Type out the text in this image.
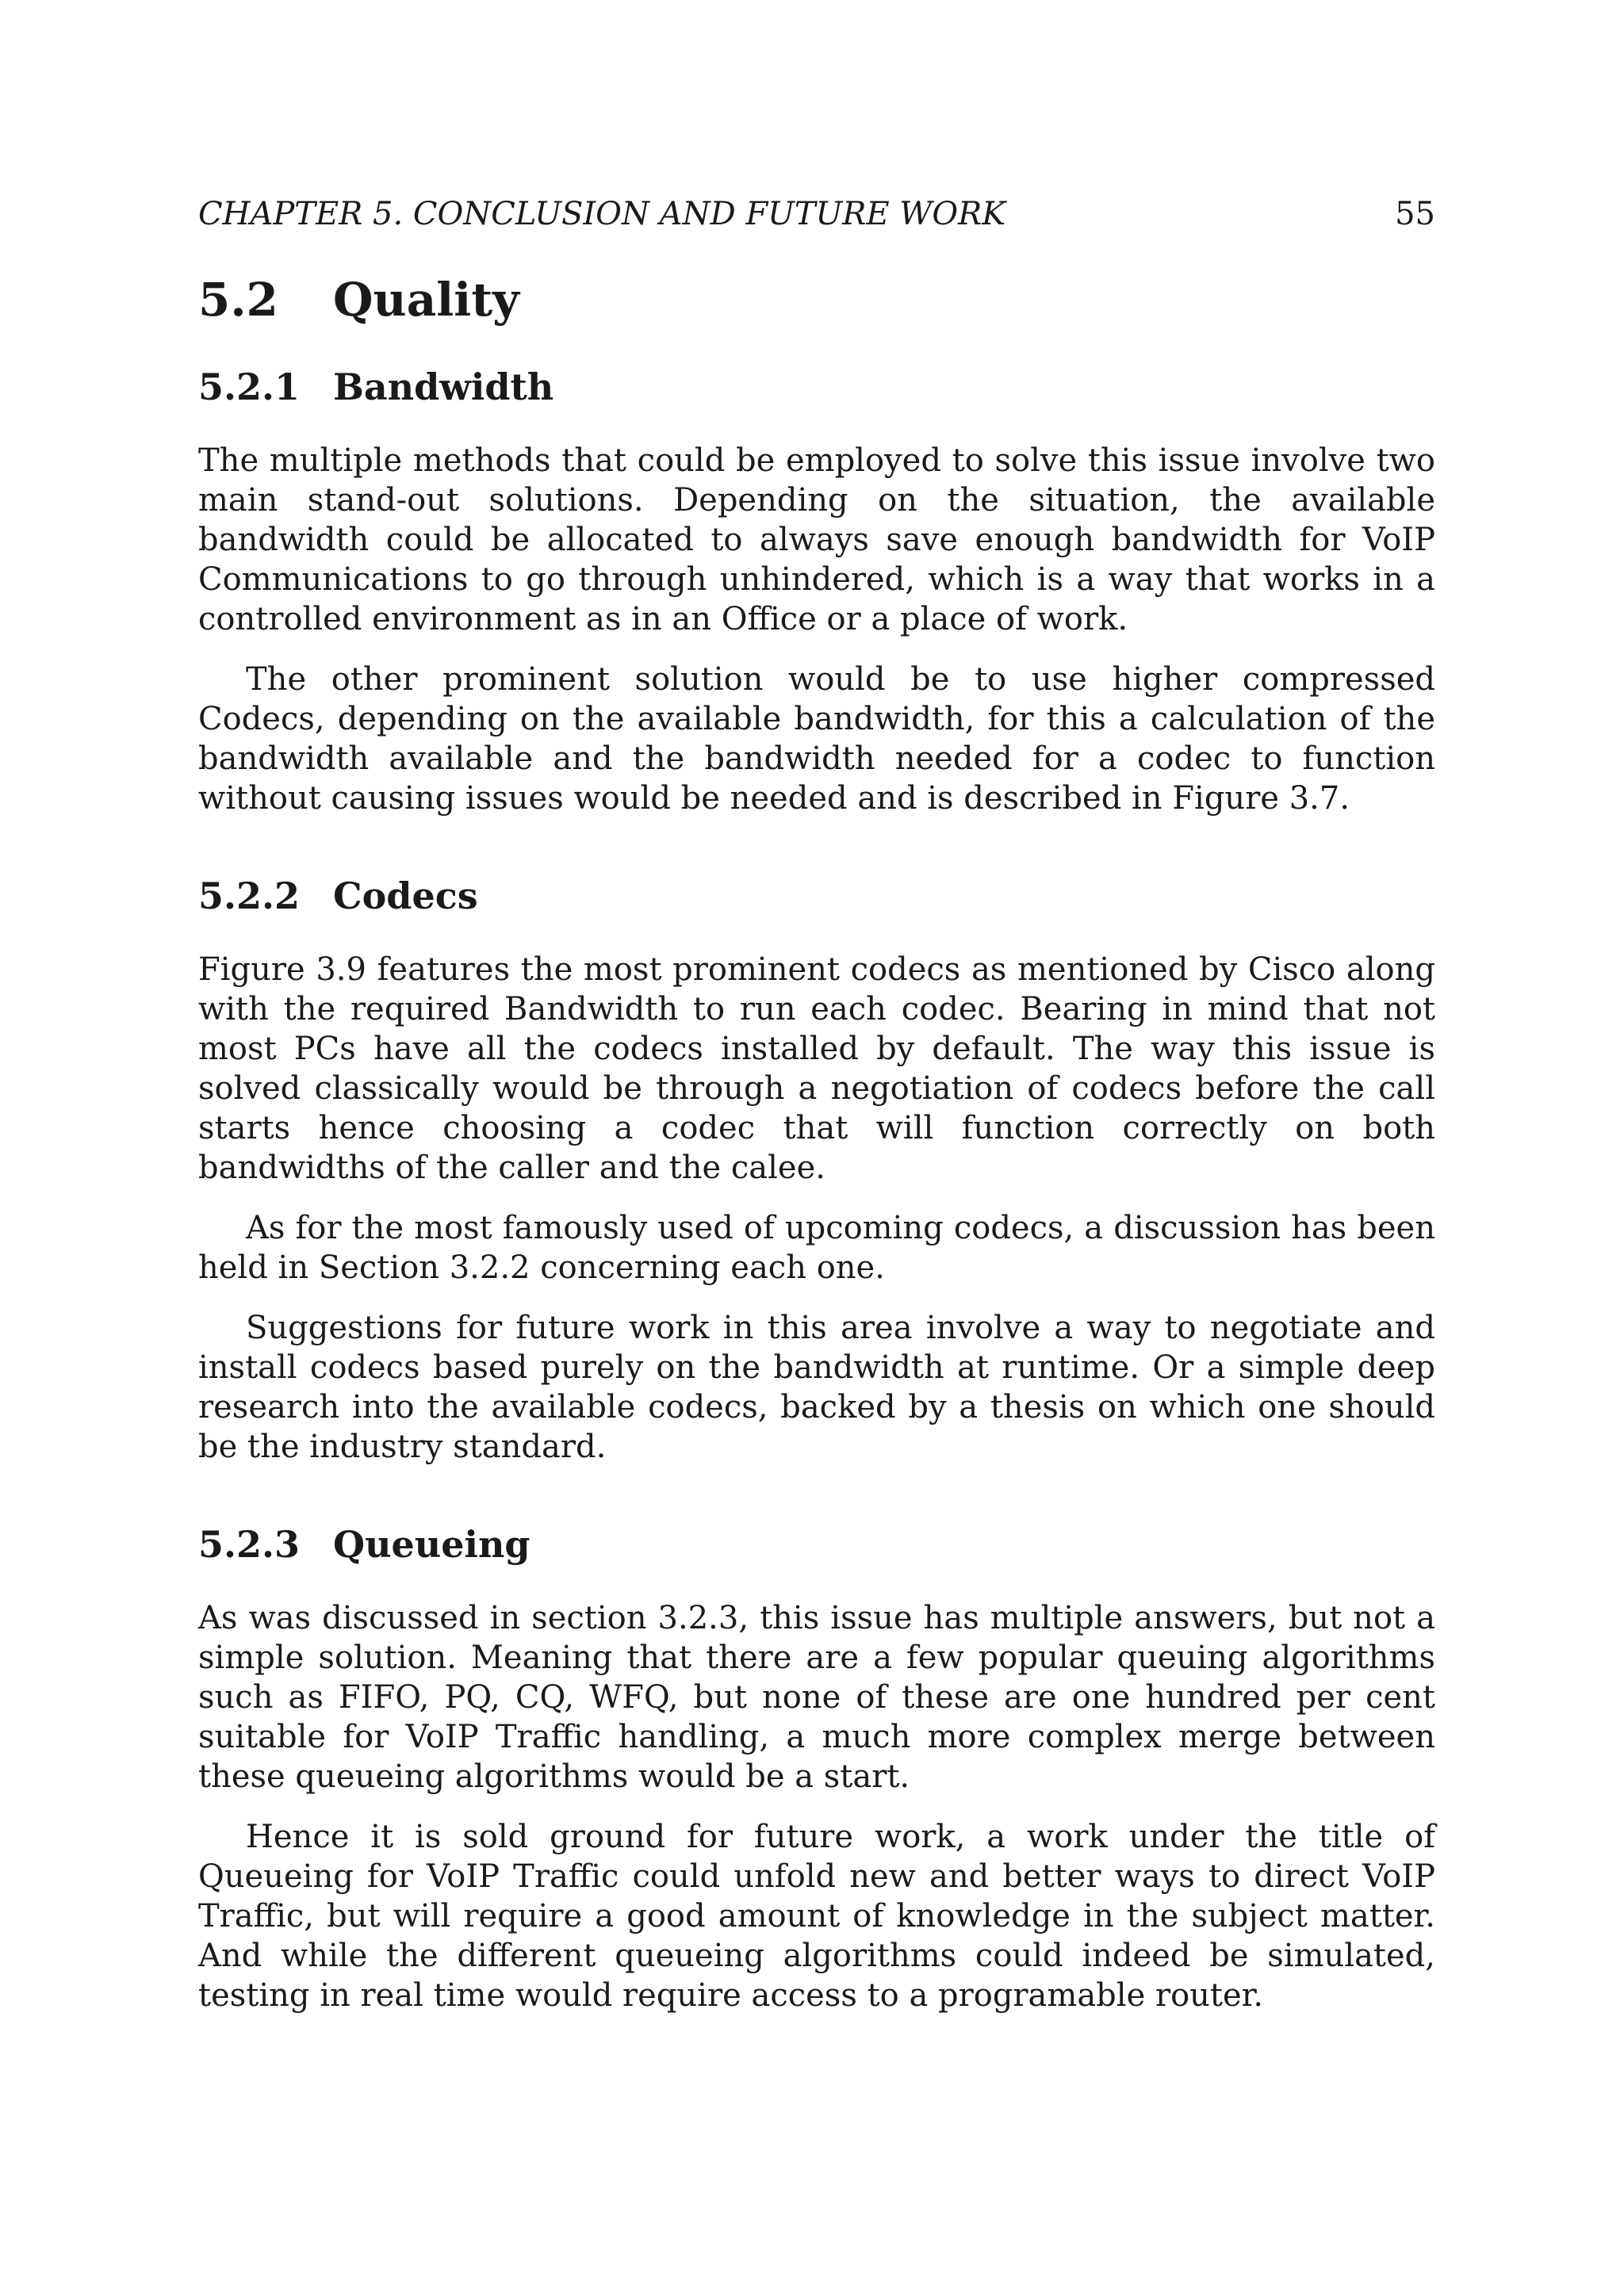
CHAPTER 5. CONCLUSION AND FUTURE WORK	55
5.2 Quality
5.2.1 Bandwidth

The multiple methods that could be employed to solve this issue involve two main stand-out solutions. Depending on the situation, the available bandwidth could be allocated to always save enough bandwidth for VoIP Communications to go through unhindered, which is a way that works in a controlled environment as in an Office or a place of work.

The other prominent solution would be to use higher compressed Codecs, depending on the available bandwidth, for this a calculation of the bandwidth available and the bandwidth needed for a codec to function without causing issues would be needed and is described in Figure 3.7.

5.2.2 Codecs

Figure 3.9 features the most prominent codecs as mentioned by Cisco along with the required Bandwidth to run each codec. Bearing in mind that not most PCs have all the codecs installed by default. The way this issue is solved classically would be through a negotiation of codecs before the call starts hence choosing a codec that will function correctly on both bandwidths of the caller and the calee.

As for the most famously used of upcoming codecs, a discussion has been held in Section 3.2.2 concerning each one.

Suggestions for future work in this area involve a way to negotiate and install codecs based purely on the bandwidth at runtime. Or a simple deep research into the available codecs, backed by a thesis on which one should be the industry standard.

5.2.3 Queueing

As was discussed in section 3.2.3, this issue has multiple answers, but not a simple solution. Meaning that there are a few popular queuing algorithms such as FIFO, PQ, CQ, WFQ, but none of these are one hundred per cent suitable for VoIP Traffic handling, a much more complex merge between these queueing algorithms would be a start.

Hence it is sold ground for future work, a work under the title of Queueing for VoIP Traffic could unfold new and better ways to direct VoIP Traffic, but will require a good amount of knowledge in the subject matter. And while the different queueing algorithms could indeed be simulated, testing in real time would require access to a programable router.
